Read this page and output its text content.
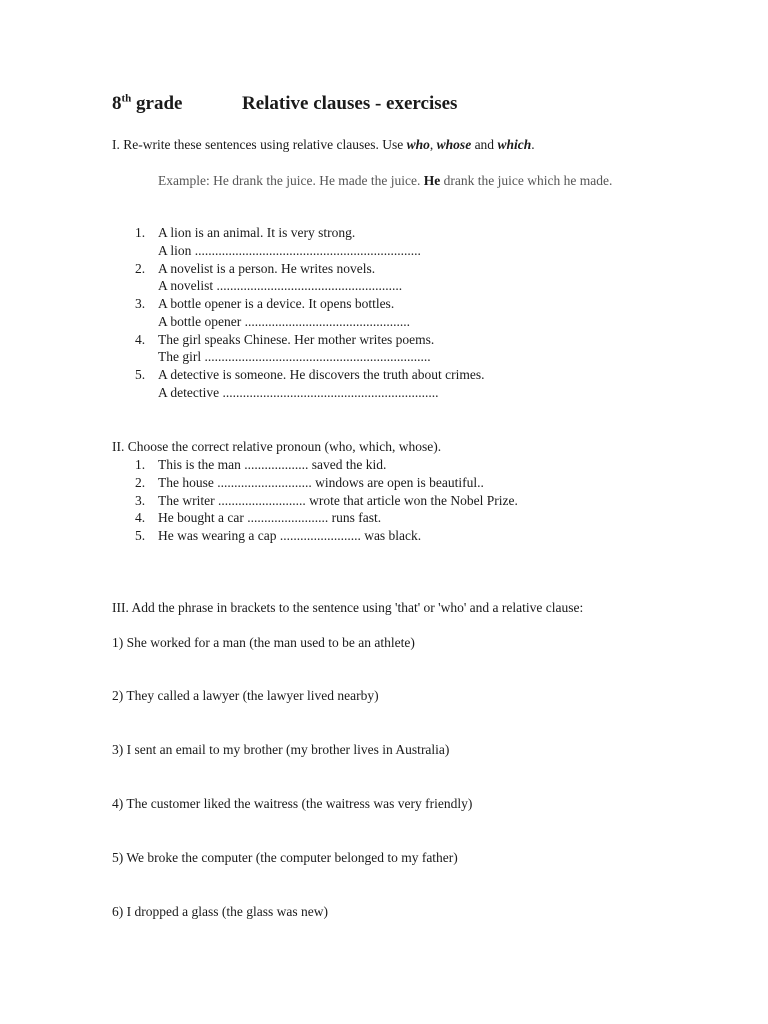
8th grade	Relative clauses - exercises
I. Re-write these sentences using relative clauses. Use who, whose and which.
Example: He drank the juice. He made the juice. He drank the juice which he made.
1. A lion is an animal. It is very strong.
A lion ...................................................................
2. A novelist is a person. He writes novels.
A novelist .......................................................
3. A bottle opener is a device. It opens bottles.
A bottle opener .................................................
4. The girl speaks Chinese. Her mother writes poems.
The girl ...................................................................
5. A detective is someone. He discovers the truth about crimes.
A detective ................................................................
II. Choose the correct relative pronoun (who, which, whose).
1. This is the man ................... saved the kid.
2. The house ............................ windows are open is beautiful..
3. The writer .......................... wrote that article won the Nobel Prize.
4. He bought a car ........................ runs fast.
5. He was wearing a cap ........................ was black.
III. Add the phrase in brackets to the sentence using 'that' or 'who' and a relative clause:
1) She worked for a man (the man used to be an athlete)
2) They called a lawyer (the lawyer lived nearby)
3) I sent an email to my brother (my brother lives in Australia)
4) The customer liked the waitress (the waitress was very friendly)
5) We broke the computer (the computer belonged to my father)
6) I dropped a glass (the glass was new)
